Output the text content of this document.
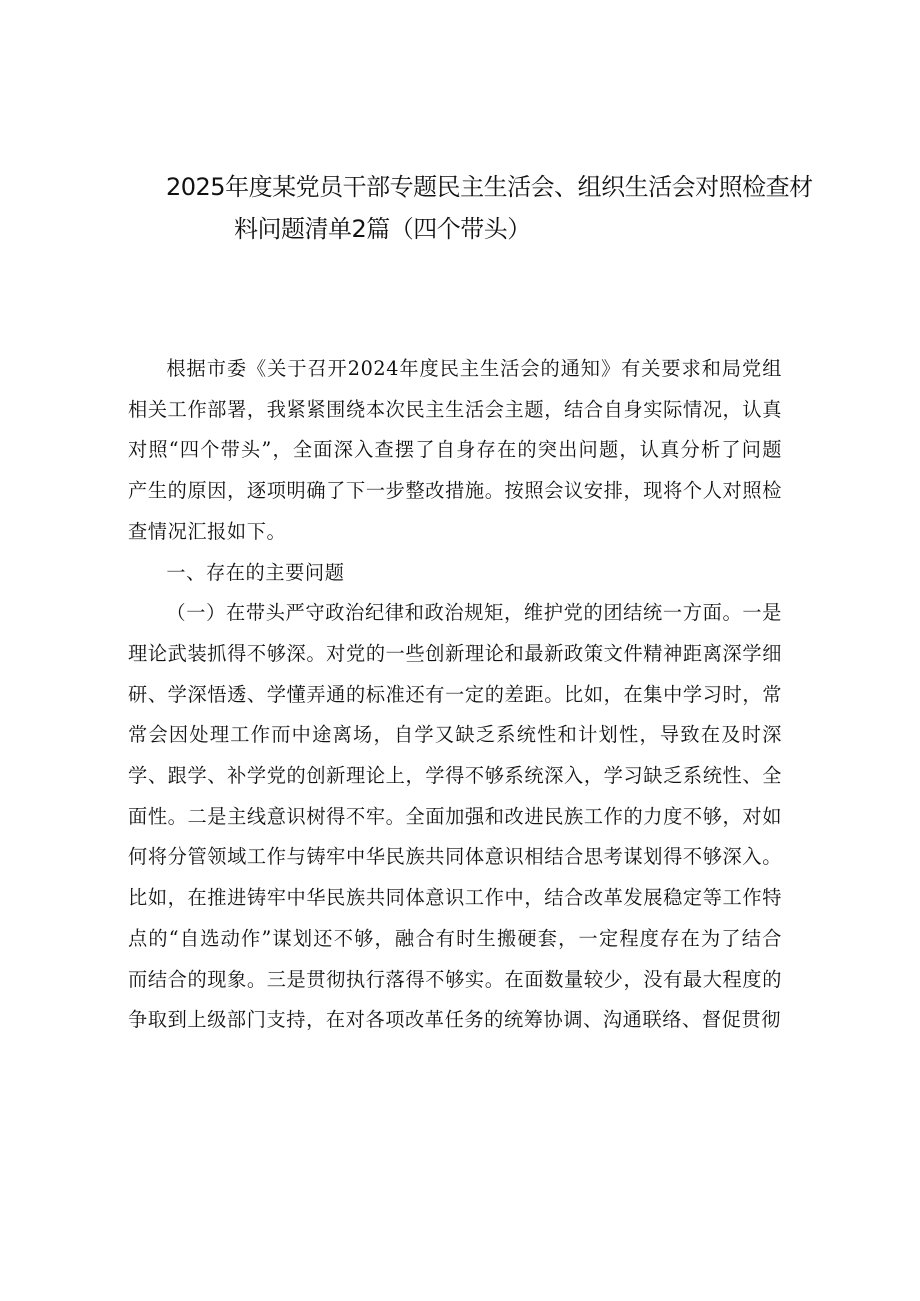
2025年度某党员干部专题民主生活会、组织生活会对照检查材
料问题清单2篇（四个带头）

根据市委《关于召开2024年度民主生活会的通知》有关要求和局党组相关工作部署，我紧紧围绕本次民主生活会主题，结合自身实际情况，认真对照“四个带头”，全面深入查摆了自身存在的突出问题，认真分析了问题产生的原因，逐项明确了下一步整改措施。按照会议安排，现将个人对照检查情况汇报如下。

一、存在的主要问题

（一）在带头严守政治纪律和政治规矩，维护党的团结统一方面。一是理论武装抓得不够深。对党的一些创新理论和最新政策文件精神距离深学细研、学深悟透、学懂弄通的标准还有一定的差距。比如，在集中学习时，常常会因处理工作而中途离场，自学又缺乏系统性和计划性，导致在及时深学、跟学、补学党的创新理论上，学得不够系统深入，学习缺乏系统性、全面性。二是主线意识树得不牢。全面加强和改进民族工作的力度不够，对如何将分管领域工作与铸牢中华民族共同体意识相结合思考谋划得不够深入。比如，在推进铸牢中华民族共同体意识工作中，结合改革发展稳定等工作特点的“自选动作”谋划还不够，融合有时生搬硬套，一定程度存在为了结合而结合的现象。三是贯彻执行落得不够实。在面数量较少，没有最大程度的争取到上级部门支持，在对各项改革任务的统筹协调、沟通联络、督促贯彻
